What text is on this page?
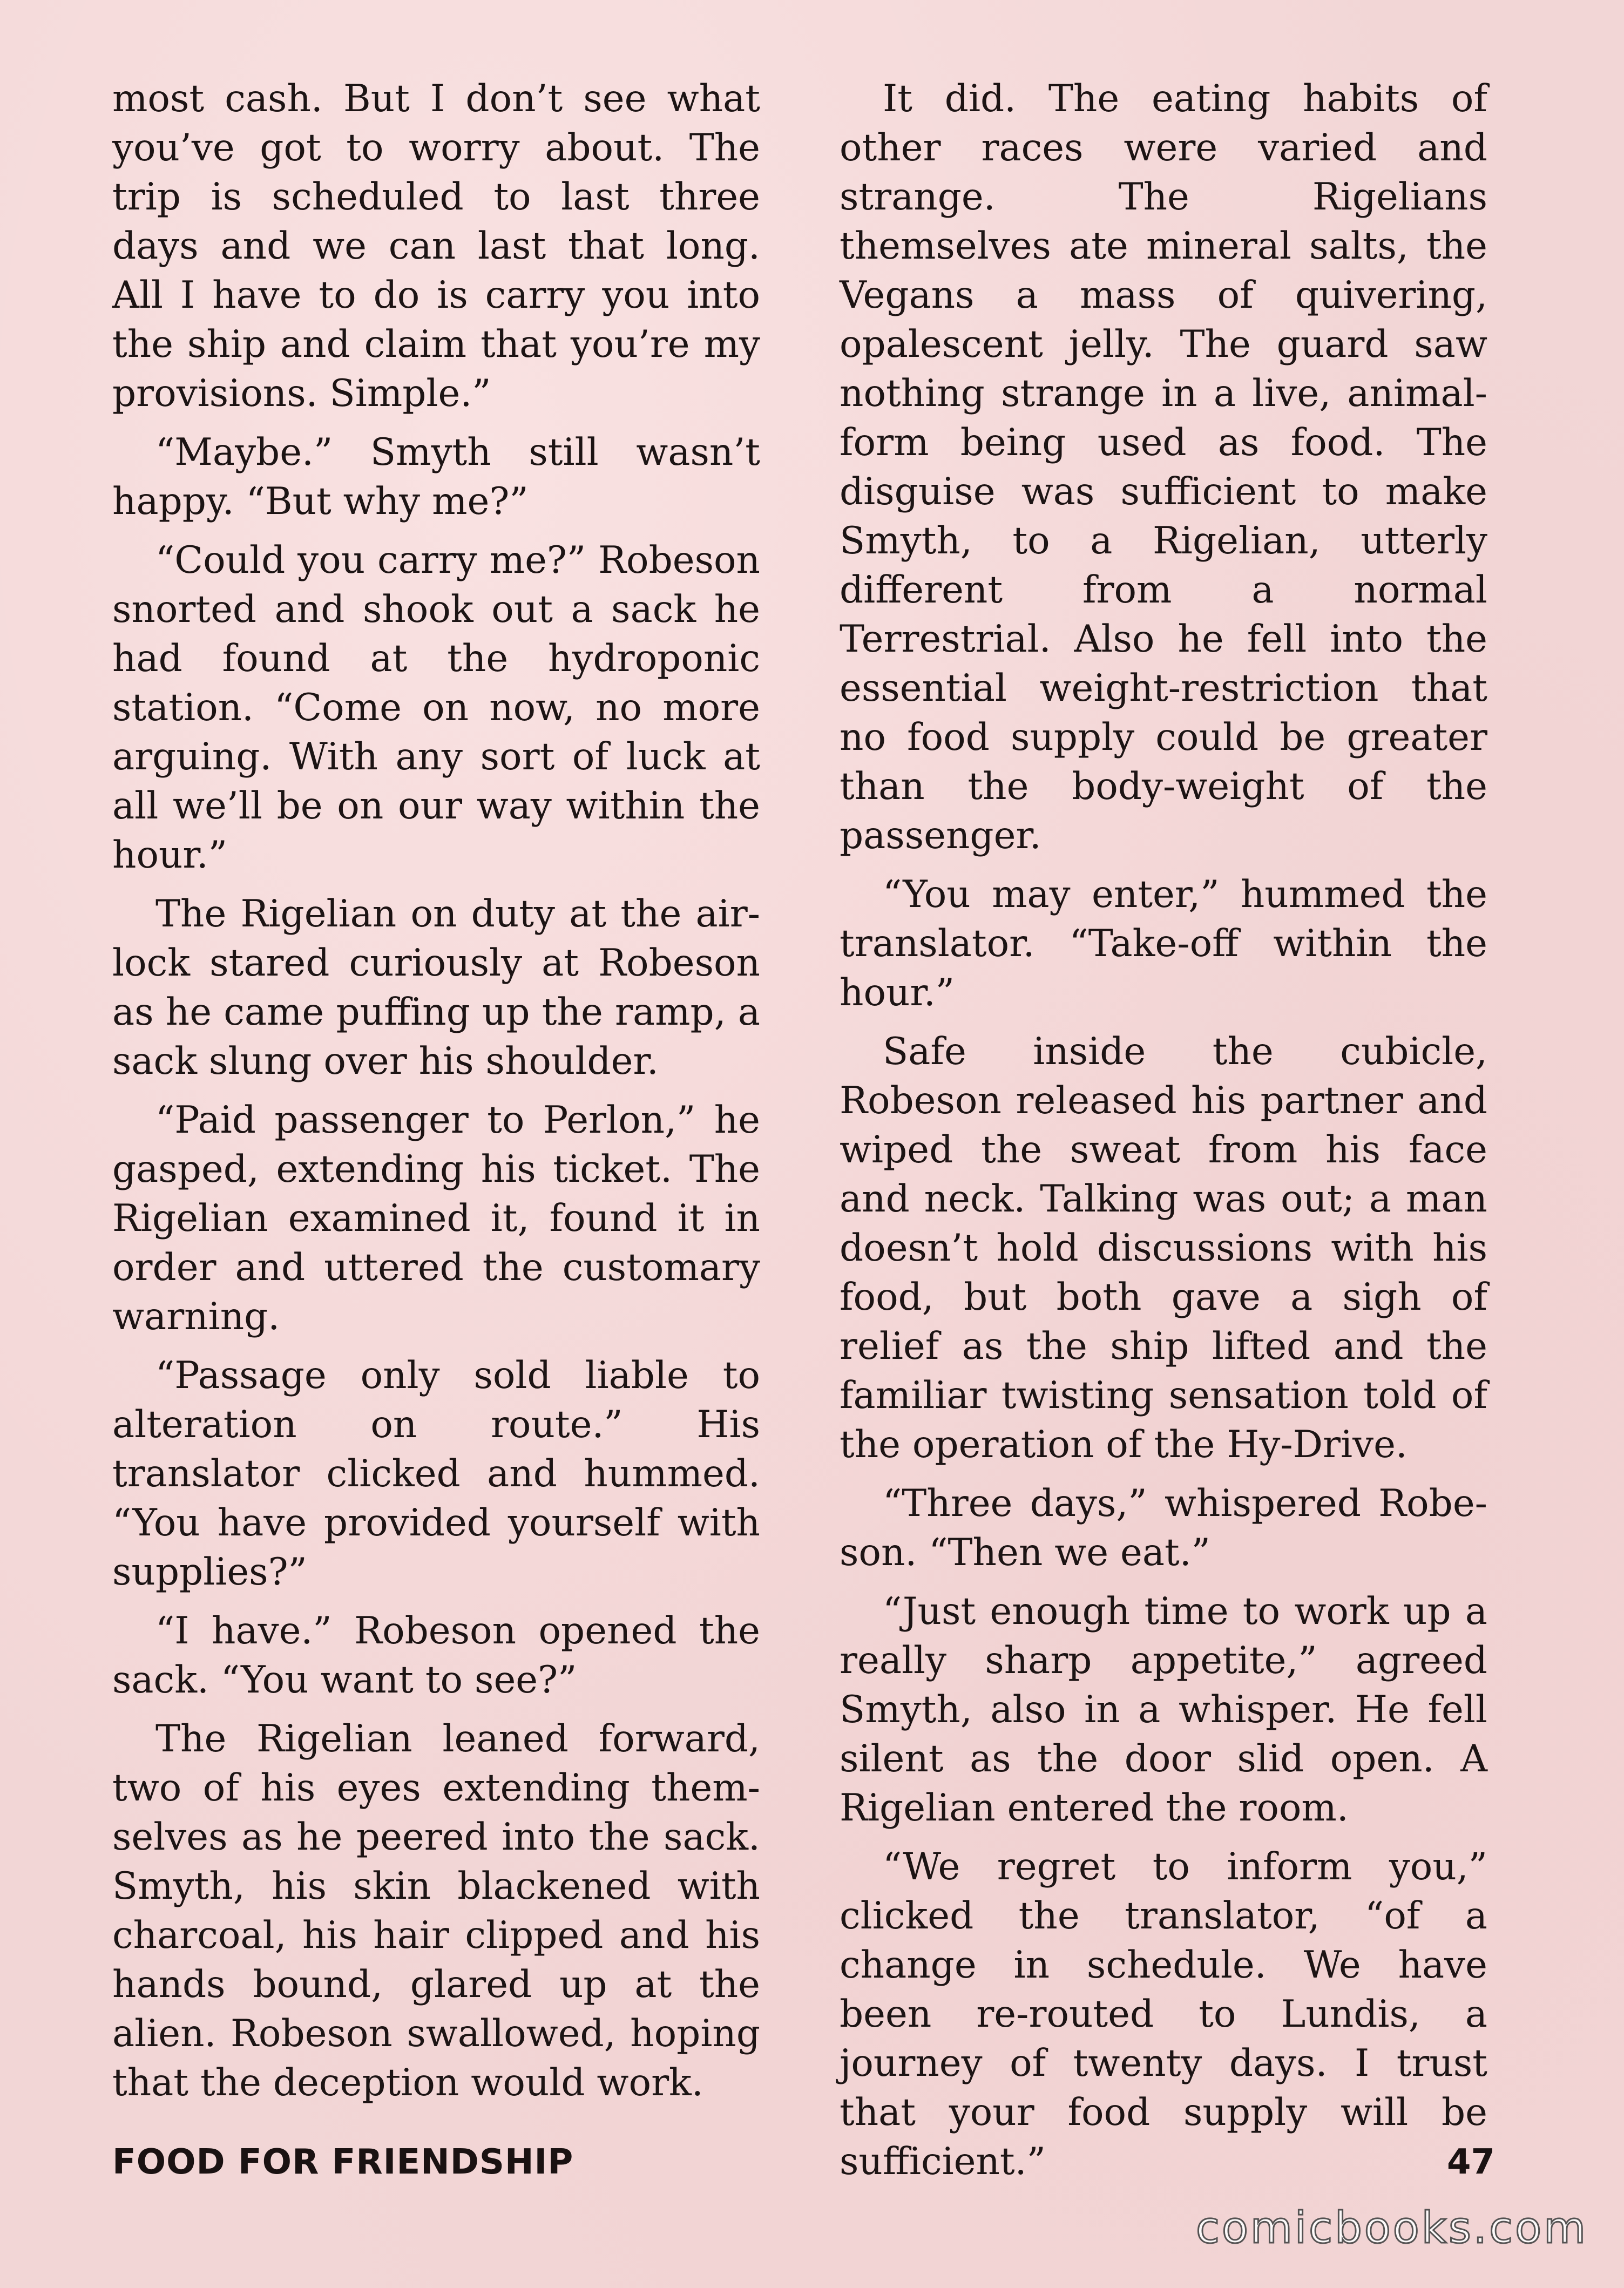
most cash. But I don’t see what you’ve got to worry about. The trip is scheduled to last three days and we can last that long. All I have to do is carry you into the ship and claim that you’re my provisions. Simple.”

“Maybe.” Smyth still wasn’t happy. “But why me?”

“Could you carry me?” Robeson snorted and shook out a sack he had found at the hydroponic station. “Come on now, no more arguing. With any sort of luck at all we’ll be on our way within the hour.”

The Rigelian on duty at the air-lock stared curiously at Robeson as he came puffing up the ramp, a sack slung over his shoulder.

“Paid passenger to Perlon,” he gasped, extending his ticket. The Rigelian examined it, found it in order and uttered the customary warning.

“Passage only sold liable to alteration on route.” His translator clicked and hummed. “You have provided yourself with supplies?”

“I have.” Robeson opened the sack. “You want to see?”

The Rigelian leaned forward, two of his eyes extending themselves as he peered into the sack. Smyth, his skin blackened with charcoal, his hair clipped and his hands bound, glared up at the alien. Robeson swallowed, hoping that the deception would work.

It did. The eating habits of other races were varied and strange. The Rigelians themselves ate mineral salts, the Vegans a mass of quivering, opalescent jelly. The guard saw nothing strange in a live, animal-form being used as food. The disguise was sufficient to make Smyth, to a Rigelian, utterly different from a normal Terrestrial. Also he fell into the essential weight-restriction that no food supply could be greater than the body-weight of the passenger.

“You may enter,” hummed the translator. “Take-off within the hour.”

Safe inside the cubicle, Robeson released his partner and wiped the sweat from his face and neck. Talking was out; a man doesn’t hold discussions with his food, but both gave a sigh of relief as the ship lifted and the familiar twisting sensation told of the operation of the Hy-Drive.

“Three days,” whispered Robeson. “Then we eat.”

“Just enough time to work up a really sharp appetite,” agreed Smyth, also in a whisper. He fell silent as the door slid open. A Rigelian entered the room.

“We regret to inform you,” clicked the translator, “of a change in schedule. We have been re-routed to Lundis, a journey of twenty days. I trust that your food supply will be sufficient.”

FOOD FOR FRIENDSHIP	47
comicbooks.com
